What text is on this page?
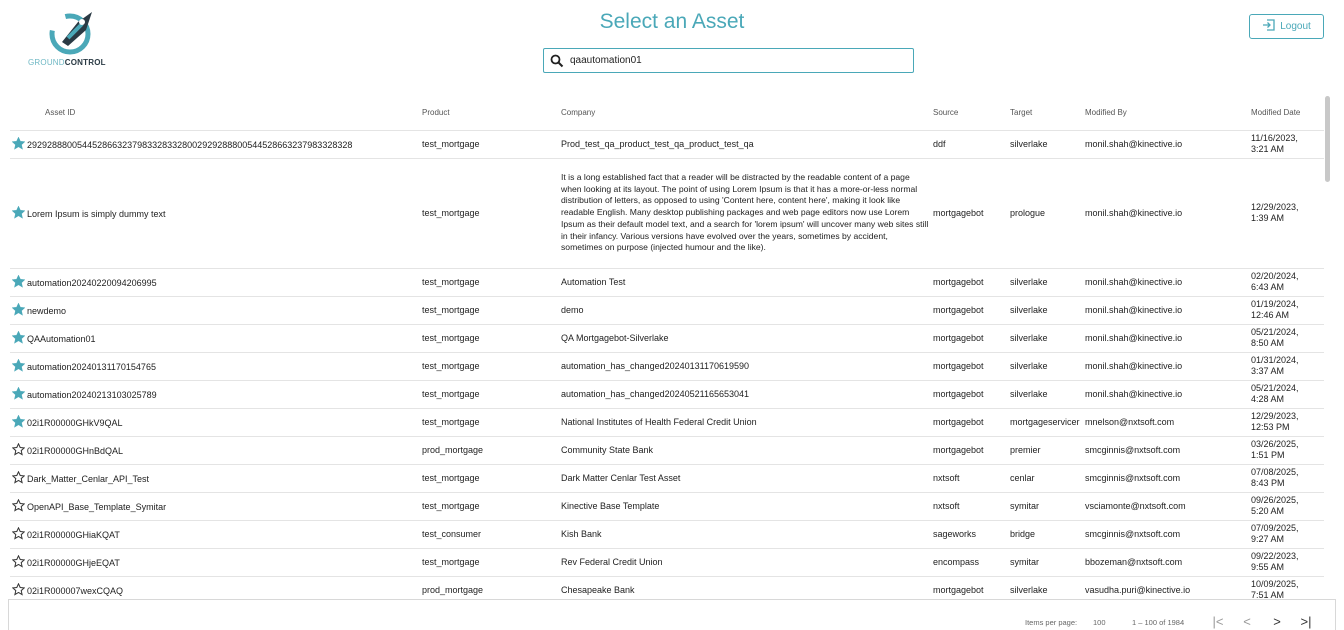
GROUNDCONTROL
Select an Asset
qaautomation01	Logout
Asset ID	Product	Company	Source	Target	Modified By	Modified Date
29292888005445286632379833283328002929288800544528663237983328328	test_mortgage	Prod_test_qa_product_test_qa_product_test_qa	ddf	silverlake	monil.shah@kinective.io	11/16/2023,
3:21 AM
Lorem Ipsum is simply dummy text	test_mortgage	It is a long established fact that a reader will be distracted by the readable content of a page when looking at its layout. The point of using Lorem Ipsum is that it has a more-or-less normal distribution of letters, as opposed to using 'Content here, content here', making it look like readable English. Many desktop publishing packages and web page editors now use Lorem Ipsum as their default model text, and a search for 'lorem ipsum' will uncover many web sites still in their infancy. Various versions have evolved over the years, sometimes by accident, sometimes on purpose (injected humour and the like).	mortgagebot	prologue	monil.shah@kinective.io	12/29/2023,
1:39 AM
automation20240220094206995	test_mortgage	Automation Test	mortgagebot	silverlake	monil.shah@kinective.io	02/20/2024,
6:43 AM
newdemo	test_mortgage	demo	mortgagebot	silverlake	monil.shah@kinective.io	01/19/2024,
12:46 AM
QAAutomation01	test_mortgage	QA Mortgagebot-Silverlake	mortgagebot	silverlake	monil.shah@kinective.io	05/21/2024,
8:50 AM
automation20240131170154765	test_mortgage	automation_has_changed20240131170619590	mortgagebot	silverlake	monil.shah@kinective.io	01/31/2024,
3:37 AM
automation20240213103025789	test_mortgage	automation_has_changed20240521165653041	mortgagebot	silverlake	monil.shah@kinective.io	05/21/2024,
4:28 AM
02i1R00000GHkV9QAL	test_mortgage	National Institutes of Health Federal Credit Union	mortgagebot	mortgageservicer	mnelson@nxtsoft.com	12/29/2023,
12:53 PM
02i1R00000GHnBdQAL	prod_mortgage	Community State Bank	mortgagebot	premier	smcginnis@nxtsoft.com	03/26/2025,
1:51 PM
Dark_Matter_Cenlar_API_Test	test_mortgage	Dark Matter Cenlar Test Asset	nxtsoft	cenlar	smcginnis@nxtsoft.com	07/08/2025,
8:43 PM
OpenAPI_Base_Template_Symitar	test_mortgage	Kinective Base Template	nxtsoft	symitar	vsciamonte@nxtsoft.com	09/26/2025,
5:20 AM
02i1R00000GHiaKQAT	test_consumer	Kish Bank	sageworks	bridge	smcginnis@nxtsoft.com	07/09/2025,
9:27 AM
02i1R00000GHjeEQAT	test_mortgage	Rev Federal Credit Union	encompass	symitar	bbozeman@nxtsoft.com	09/22/2023,
9:55 AM
02i1R000007wexCQAQ	prod_mortgage	Chesapeake Bank	mortgagebot	silverlake	vasudha.puri@kinective.io	10/09/2025,
7:51 AM
Items per page: 100	1 – 100 of 1984 |<	<	>	>|
